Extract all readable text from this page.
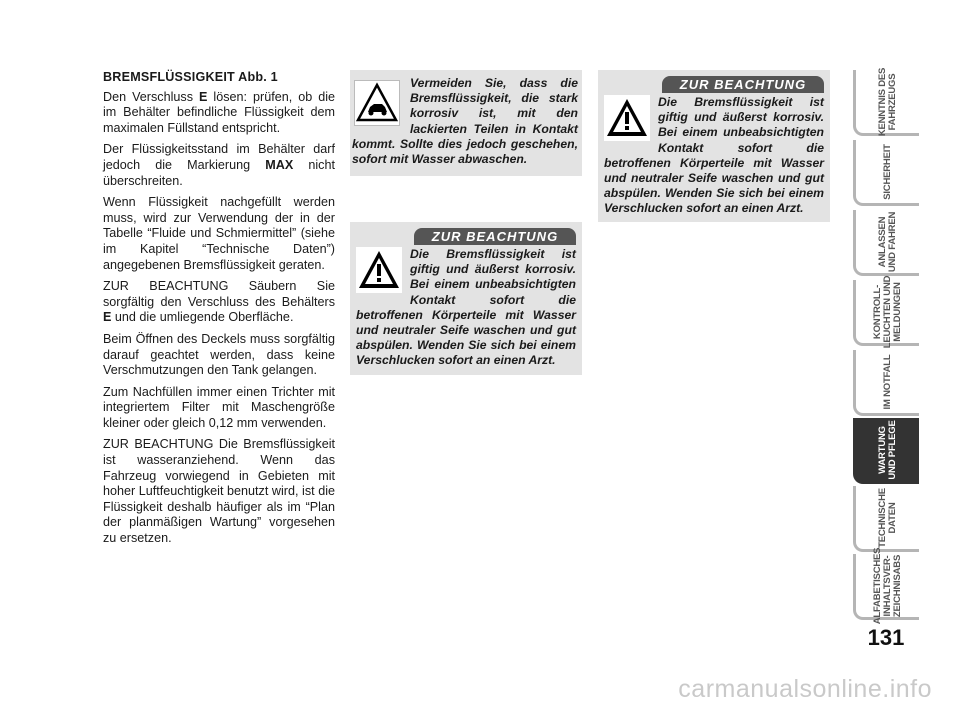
BREMSFLÜSSIGKEIT Abb. 1

Den Verschluss E lösen: prüfen, ob die im Behälter befindliche Flüssigkeit dem maximalen Füllstand entspricht.

Der Flüssigkeitsstand im Behälter darf jedoch die Markierung MAX nicht überschreiten.

Wenn Flüssigkeit nachgefüllt werden muss, wird zur Verwendung der in der Tabelle “Fluide und Schmiermittel” (siehe im Kapitel “Technische Daten”) angegebenen Bremsflüssigkeit geraten.

ZUR BEACHTUNG Säubern Sie sorgfältig den Verschluss des Behälters E und die umliegende Oberfläche.

Beim Öffnen des Deckels muss sorgfältig darauf geachtet werden, dass keine Verschmutzungen den Tank gelangen.

Zum Nachfüllen immer einen Trichter mit integriertem Filter mit Maschengröße kleiner oder gleich 0,12 mm verwenden.

ZUR BEACHTUNG Die Bremsflüssigkeit ist wasseranziehend. Wenn das Fahrzeug vorwiegend in Gebieten mit hoher Luftfeuchtigkeit benutzt wird, ist die Flüssigkeit deshalb häufiger als im “Plan der planmäßigen Wartung” vorgesehen zu ersetzen.

Vermeiden Sie, dass die Bremsflüssigkeit, die stark korrosiv ist, mit den lackierten Teilen in Kontakt kommt. Sollte dies jedoch geschehen, sofort mit Wasser abwaschen.
ZUR BEACHTUNG
Die Bremsflüssigkeit ist giftig und äußerst korrosiv. Bei einem unbeabsichtigten Kontakt sofort die betroffenen Körperteile mit Wasser und neutraler Seife waschen und gut abspülen. Wenden Sie sich bei einem Verschlucken sofort an einen Arzt.
ZUR BEACHTUNG
Die Bremsflüssigkeit ist giftig und äußerst korrosiv. Bei einem unbeabsichtigten Kontakt sofort die betroffenen Körperteile mit Wasser und neutraler Seife waschen und gut abspülen. Wenden Sie sich bei einem Verschlucken sofort an einen Arzt.
KENNTNIS DES
FAHRZEUGS
SICHERHEIT
ANLASSEN
UND FAHREN
KONTROLL-
LEUCHTEN UND
MELDUNGEN
IM NOTFALL
WARTUNG
UND PFLEGE
TECHNISCHE
DATEN
ALFABETISCHES
INHALTSVER-
ZEICHNISABS
131
carmanualsonline.info
